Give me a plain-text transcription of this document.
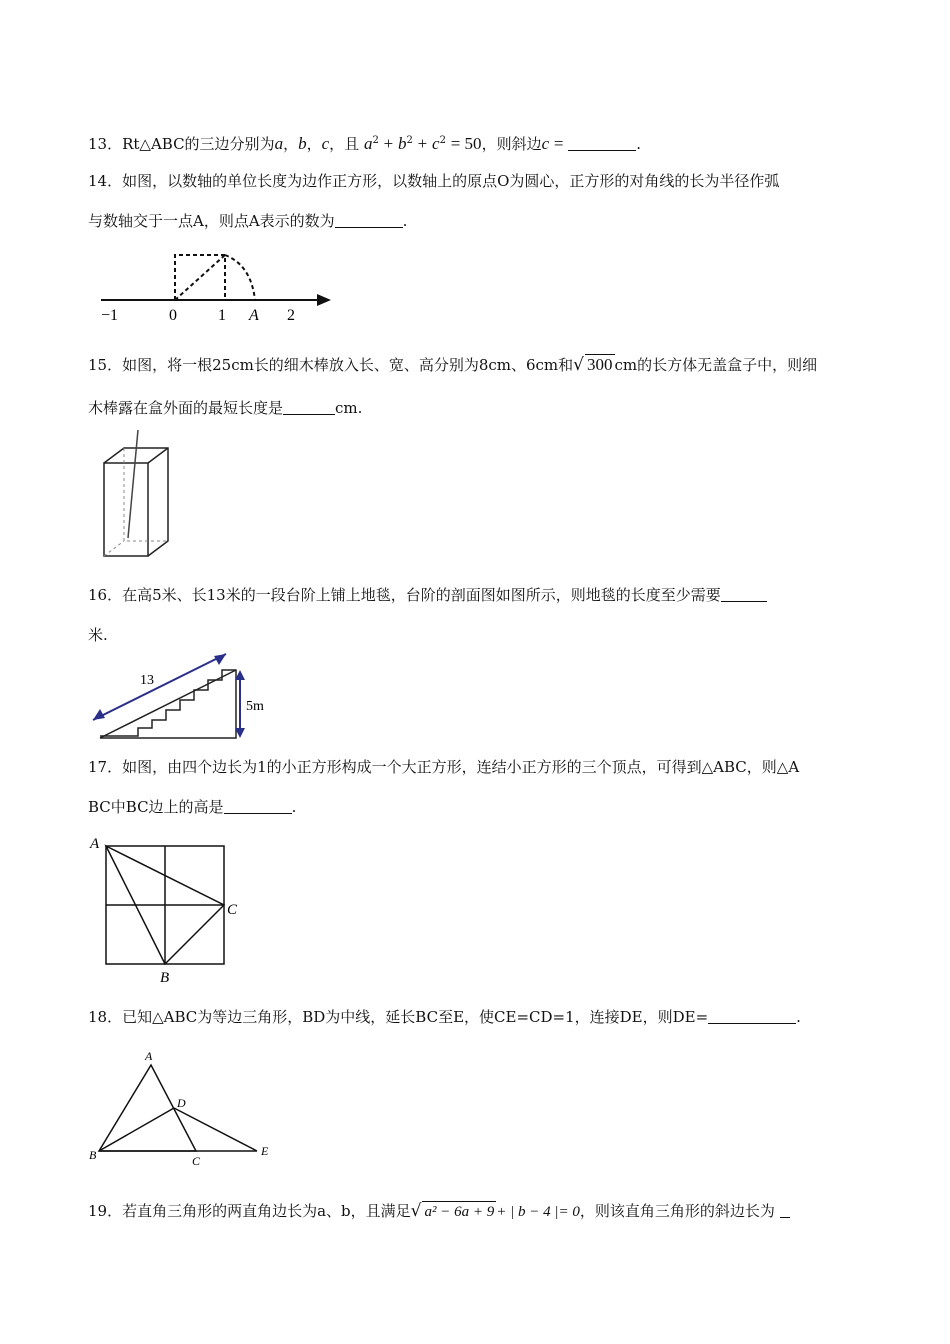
13．Rt△ABC的三边分别为a，b，c，且 $a^2 + b^2 + c^2 = 50$，则斜边c =	.
14．如图，以数轴的单位长度为边作正方形，以数轴上的原点O为圆心，正方形的对角线的长为半径作弧
与数轴交于一点A，则点A表示的数为	.
−1	0	1 A 2
15．如图，将一根25cm长的细木棒放入长、宽、高分别为8cm、6cm和√ 300 cm的长方体无盖盒子中，则细
木棒露在盒外面的最短长度是	cm.
16．在高5米、长13米的一段台阶上铺上地毯，台阶的剖面图如图所示，则地毯的长度至少需要
米.
13
5m
17．如图，由四个边长为1的小正方形构成一个大正方形，连结小正方形的三个顶点，可得到△ABC，则△A
BC中BC边上的高是	.
A
B
C
18．已知△ABC为等边三角形，BD为中线，延长BC至E，使CE=CD=1，连接DE，则DE=	.
A
B	C
D
E
19．若直角三角形的两直角边长为a、b，且满足√ a² − 6a + 9 + | b − 4 |= 0，则该直角三角形的斜边长为
